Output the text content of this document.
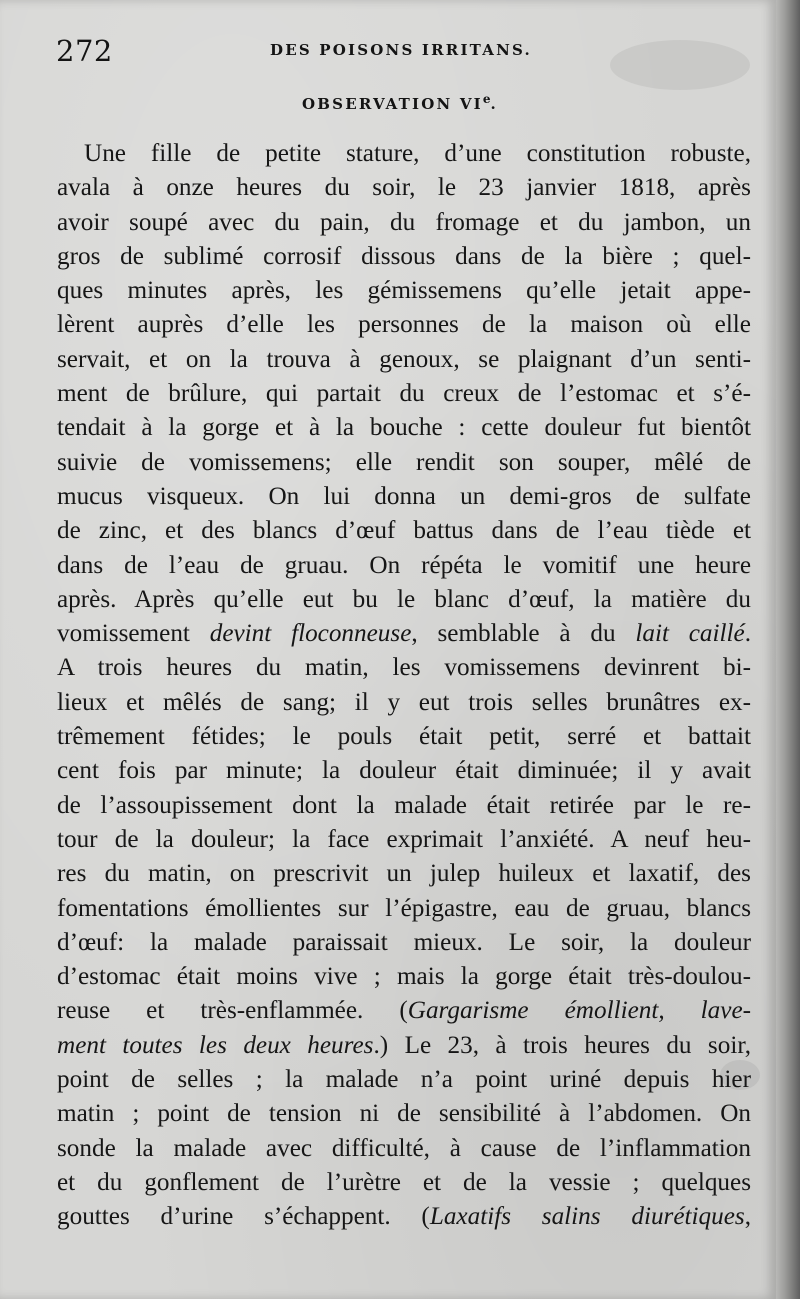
272	DES POISONS IRRITANS.
OBSERVATION VIe.
Une fille de petite stature, d’une constitution robuste,
avala à onze heures du soir, le 23 janvier 1818, après
avoir soupé avec du pain, du fromage et du jambon, un
gros de sublimé corrosif dissous dans de la bière ; quel-
ques minutes après, les gémissemens qu’elle jetait appe-
lèrent auprès d’elle les personnes de la maison où elle
servait, et on la trouva à genoux, se plaignant d’un senti-
ment de brûlure, qui partait du creux de l’estomac et s’é-
tendait à la gorge et à la bouche : cette douleur fut bientôt
suivie de vomissemens; elle rendit son souper, mêlé de
mucus visqueux. On lui donna un demi-gros de sulfate
de zinc, et des blancs d’œuf battus dans de l’eau tiède et
dans de l’eau de gruau. On répéta le vomitif une heure
après. Après qu’elle eut bu le blanc d’œuf, la matière du
vomissement devint floconneuse, semblable à du lait caillé.
A trois heures du matin, les vomissemens devinrent bi-
lieux et mêlés de sang; il y eut trois selles brunâtres ex-
trêmement fétides; le pouls était petit, serré et battait
cent fois par minute; la douleur était diminuée; il y avait
de l’assoupissement dont la malade était retirée par le re-
tour de la douleur; la face exprimait l’anxiété. A neuf heu-
res du matin, on prescrivit un julep huileux et laxatif, des
fomentations émollientes sur l’épigastre, eau de gruau, blancs
d’œuf: la malade paraissait mieux. Le soir, la douleur
d’estomac était moins vive ; mais la gorge était très-doulou-
reuse et très-enflammée. (Gargarisme émollient, lave-
ment toutes les deux heures.) Le 23, à trois heures du soir,
point de selles ; la malade n’a point uriné depuis hier
matin ; point de tension ni de sensibilité à l’abdomen. On
sonde la malade avec difficulté, à cause de l’inflammation
et du gonflement de l’urètre et de la vessie ; quelques
gouttes d’urine s’échappent. (Laxatifs salins diurétiques,
